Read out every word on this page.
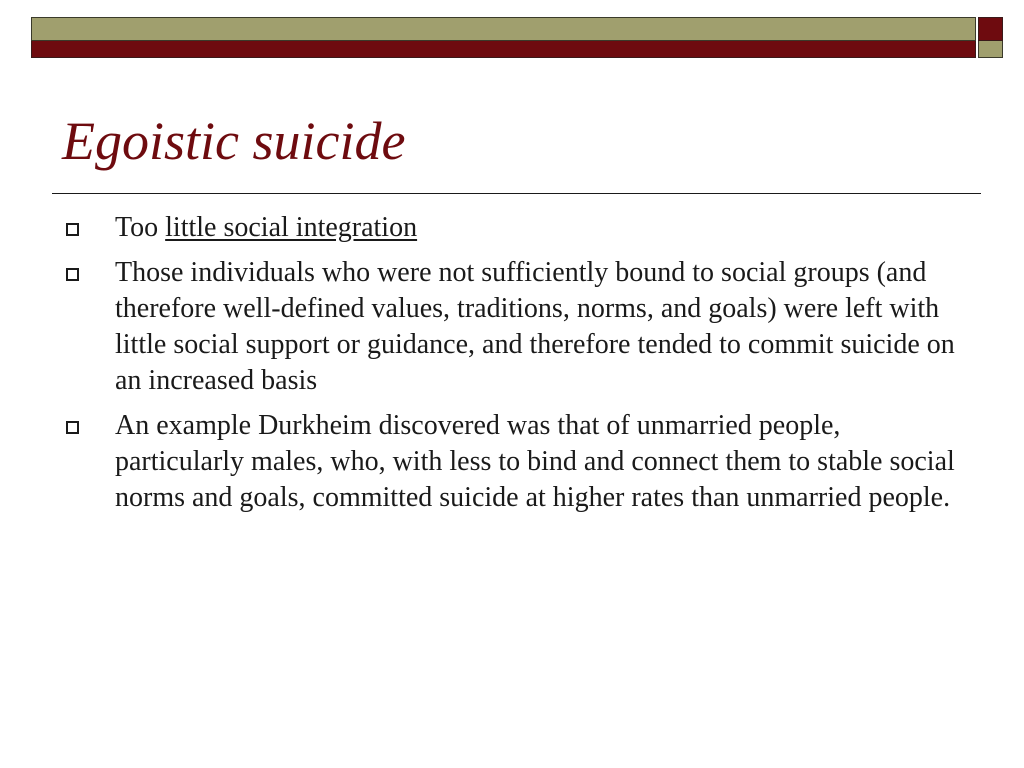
Egoistic suicide
Too little social integration
Those individuals who were not sufficiently bound to social groups (and therefore well-defined values, traditions, norms, and goals) were left with little social support or guidance, and therefore tended to commit suicide on an increased basis
An example Durkheim discovered was that of unmarried people, particularly males, who, with less to bind and connect them to stable social norms and goals, committed suicide at higher rates than unmarried people.
